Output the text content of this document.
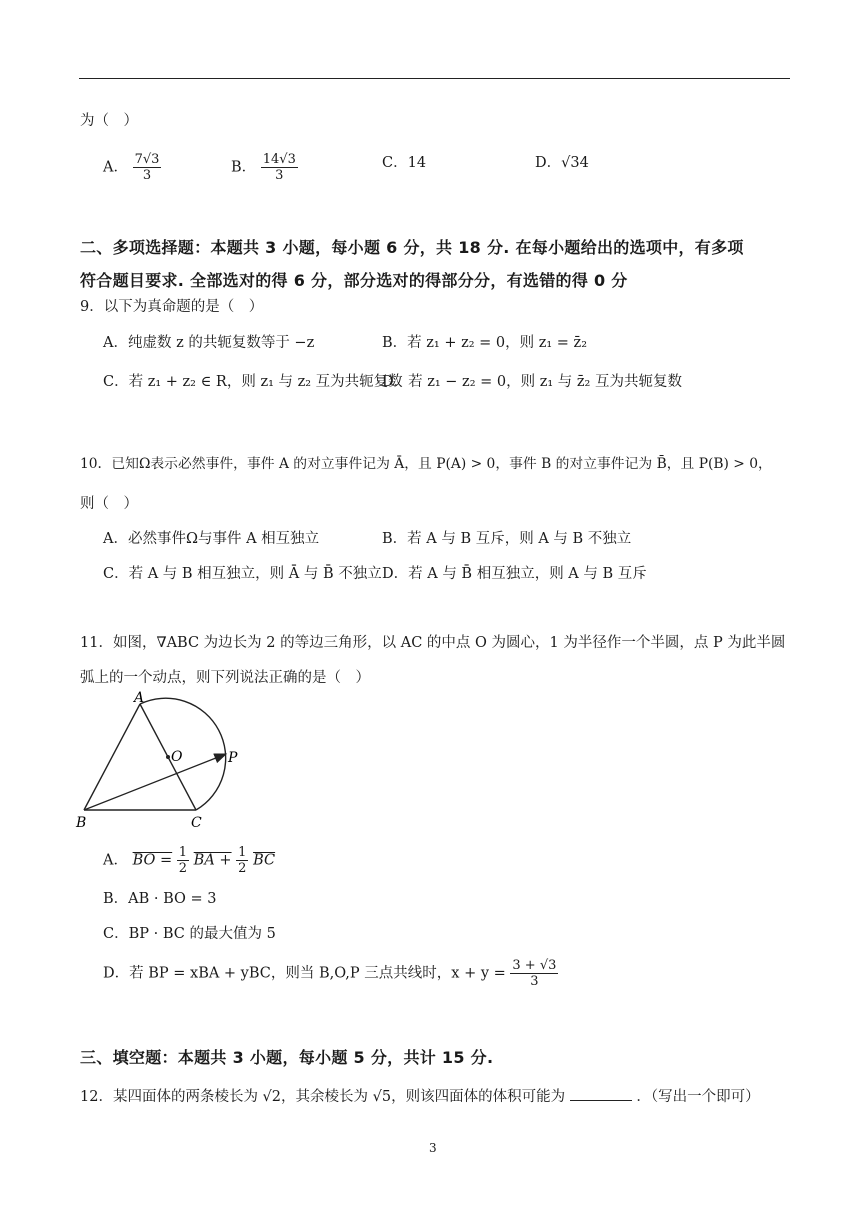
为（　）
A． $\frac{7√3}{3}$	B． $\frac{14√3}{3}$	C．14	D．√34
二、多项选择题：本题共 3 小题，每小题 6 分，共 18 分. 在每小题给出的选项中，有多项
符合题目要求. 全部选对的得 6 分，部分选对的得部分分，有选错的得 0 分
9．以下为真命题的是（　）
A．纯虚数 z 的共轭复数等于 −z	B．若 z₁ + z₂ = 0，则 z₁ = z̄₂
C．若 z₁ + z₂ ∈ R，则 z₁ 与 z₂ 互为共轭复数
D．若 z₁ − z₂ = 0，则 z₁ 与 z̄₂ 互为共轭复数
10．已知Ω表示必然事件，事件 A 的对立事件记为 Ā，且 P(A) > 0，事件 B 的对立事件记为 B̄，且 P(B) > 0，
则（　）
A．必然事件Ω与事件 A 相互独立	B．若 A 与 B 互斥，则 A 与 B 不独立
C．若 A 与 B 相互独立，则 Ā 与 B̄ 不独立 D．若 A 与 B̄ 相互独立，则 A 与 B 互斥
11．如图，∇ABC 为边长为 2 的等边三角形，以 AC 的中点 O 为圆心，1 为半径作一个半圆，点 P 为此半圆
弧上的一个动点，则下列说法正确的是（　）
A
B	C
O	P
A． BO = $\frac{1}{2}$ BA + $\frac{1}{2} \overline{BC}$
B．AB · BO = 3
C．BP · BC 的最大值为 5
D．若 BP = xBA + yBC，则当 B,O,P 三点共线时，$x + y = \frac{3 + √3}{3}$
三、填空题：本题共 3 小题，每小题 5 分，共计 15 分.
12．某四面体的两条棱长为 √2，其余棱长为 √5，则该四面体的体积可能为	．（写出一个即可）
3
